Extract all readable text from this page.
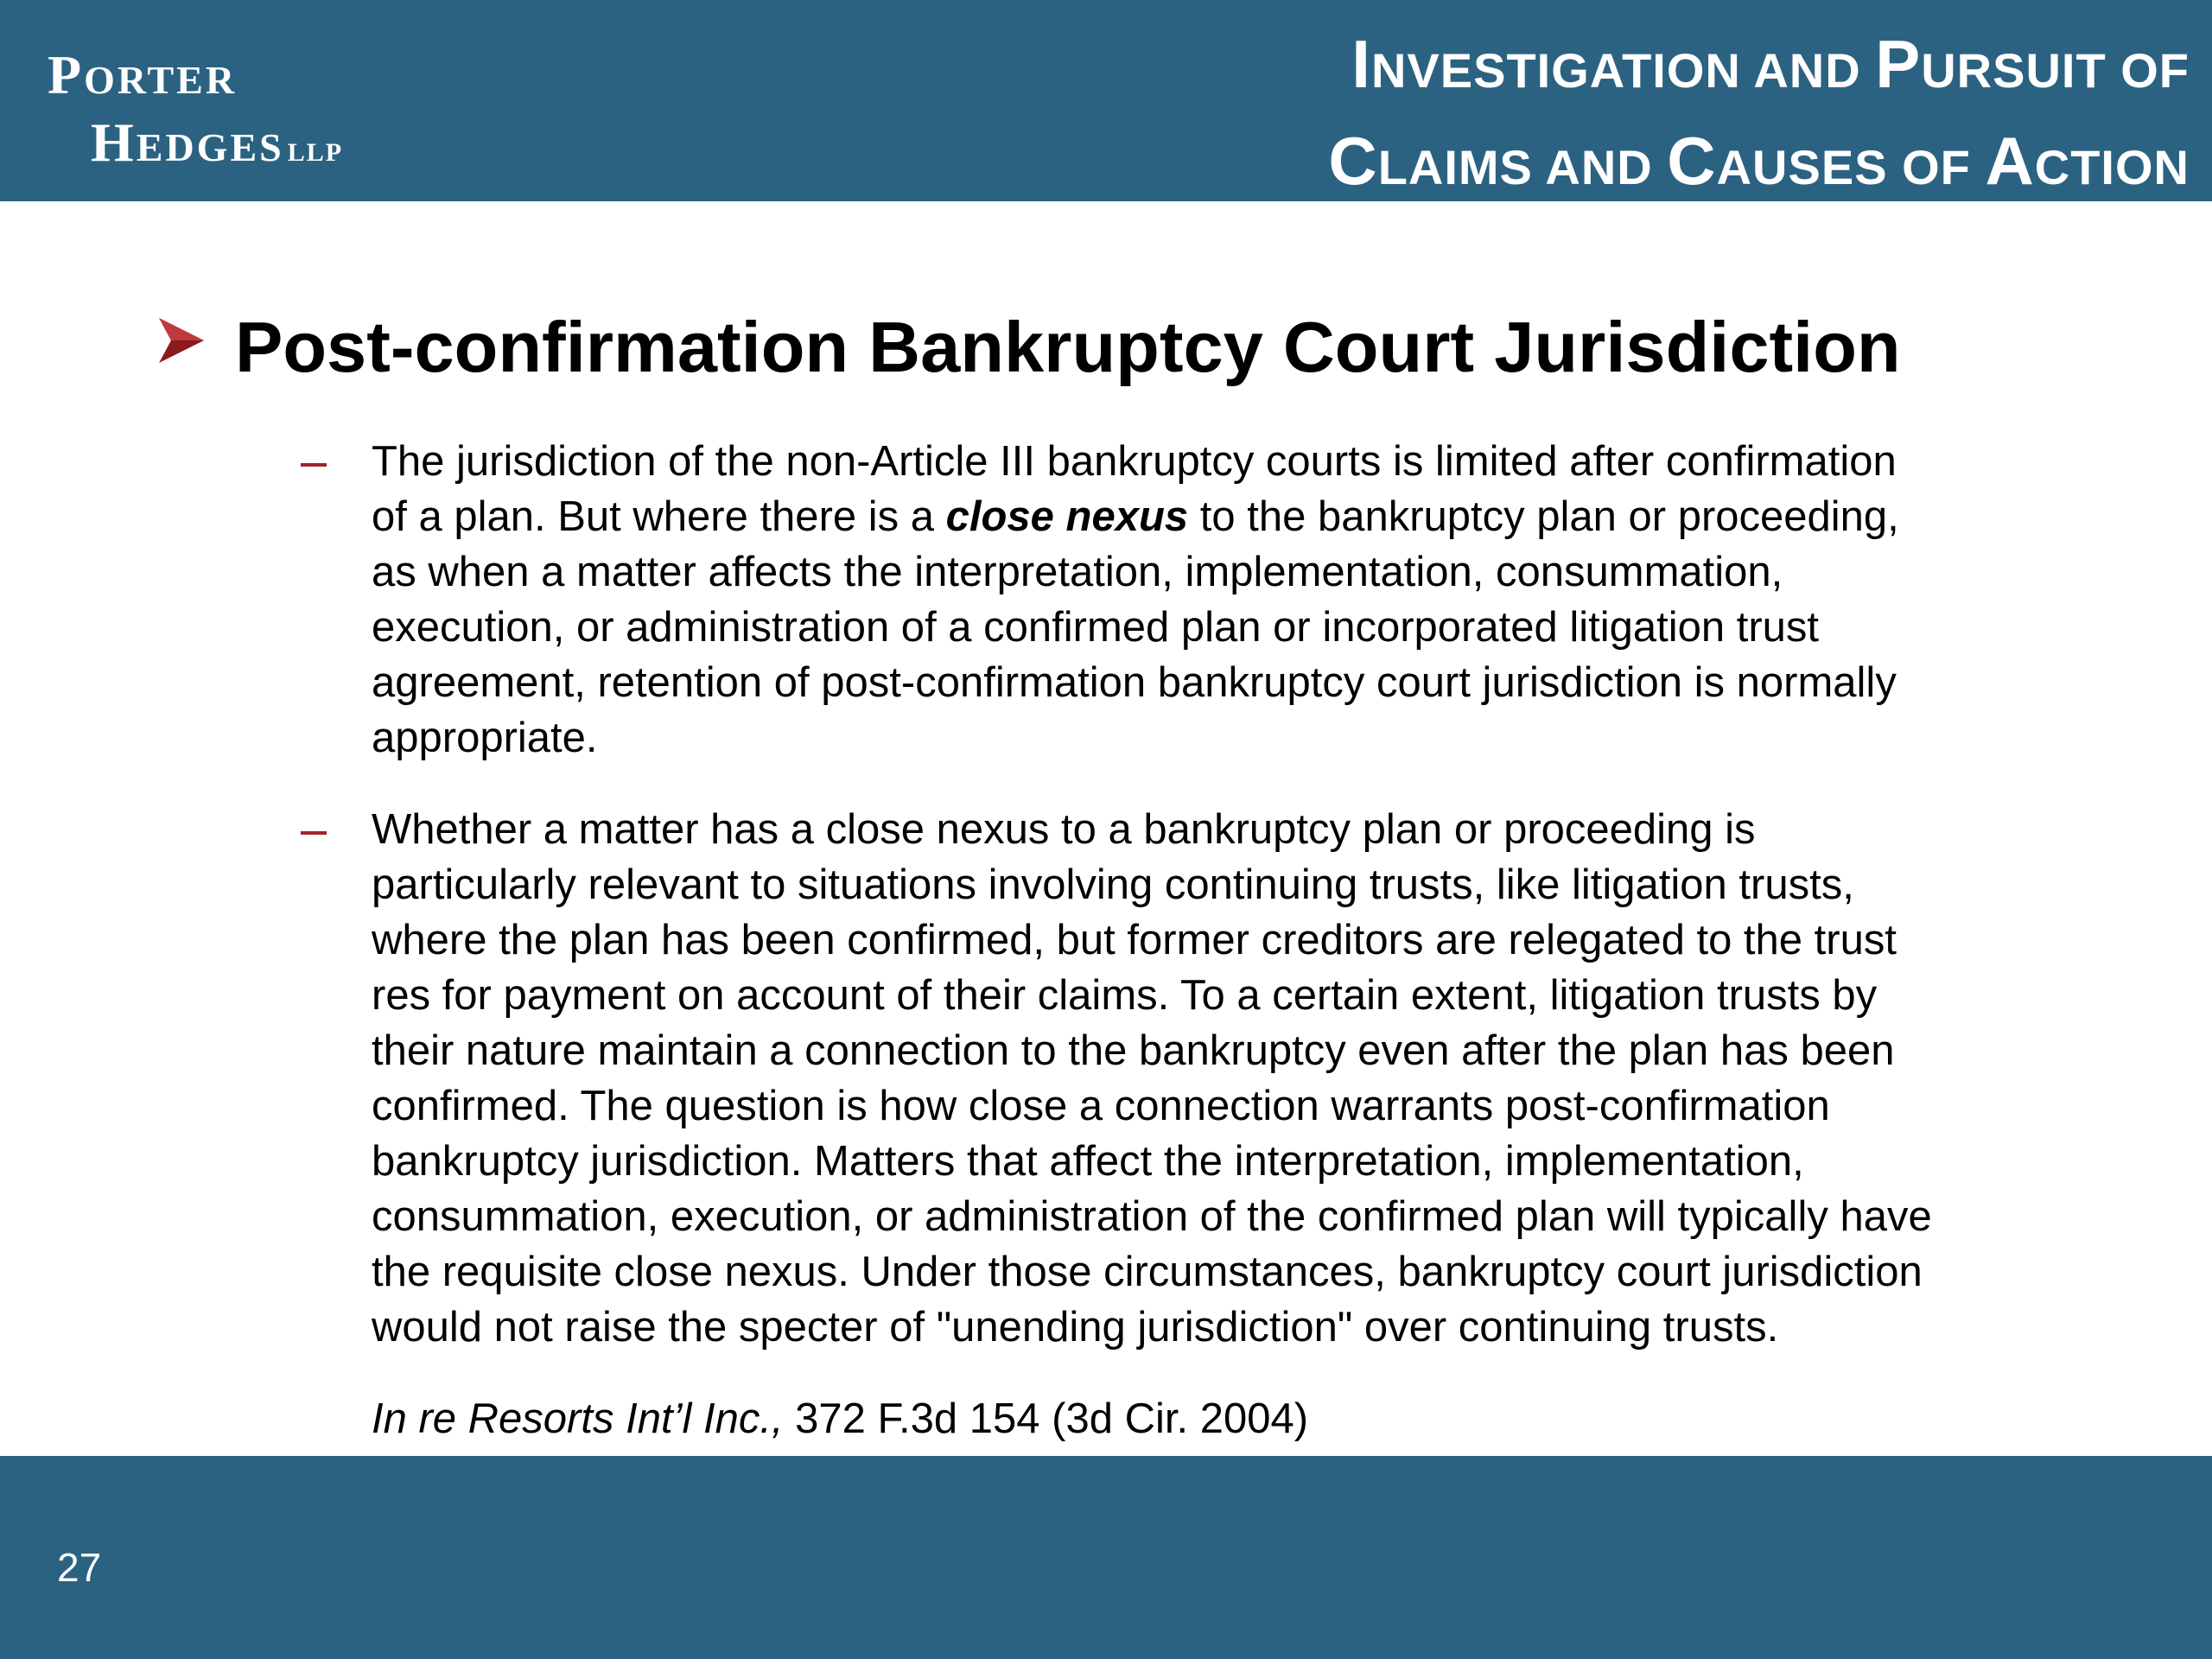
PORTER
HEDGES LLP
INVESTIGATION AND PURSUIT OF
CLAIMS AND CAUSES OF ACTION
Post-confirmation Bankruptcy Court Jurisdiction
The jurisdiction of the non-Article III bankruptcy courts is limited after confirmation
of a plan. But where there is a close nexus to the bankruptcy plan or proceeding,
as when a matter affects the interpretation, implementation, consummation,
execution, or administration of a confirmed plan or incorporated litigation trust
agreement, retention of post-confirmation bankruptcy court jurisdiction is normally
appropriate.
Whether a matter has a close nexus to a bankruptcy plan or proceeding is
particularly relevant to situations involving continuing trusts, like litigation trusts,
where the plan has been confirmed, but former creditors are relegated to the trust
res for payment on account of their claims. To a certain extent, litigation trusts by
their nature maintain a connection to the bankruptcy even after the plan has been
confirmed. The question is how close a connection warrants post-confirmation
bankruptcy jurisdiction. Matters that affect the interpretation, implementation,
consummation, execution, or administration of the confirmed plan will typically have
the requisite close nexus. Under those circumstances, bankruptcy court jurisdiction
would not raise the specter of "unending jurisdiction" over continuing trusts.
In re Resorts Int’l Inc., 372 F.3d 154 (3d Cir. 2004)
27
